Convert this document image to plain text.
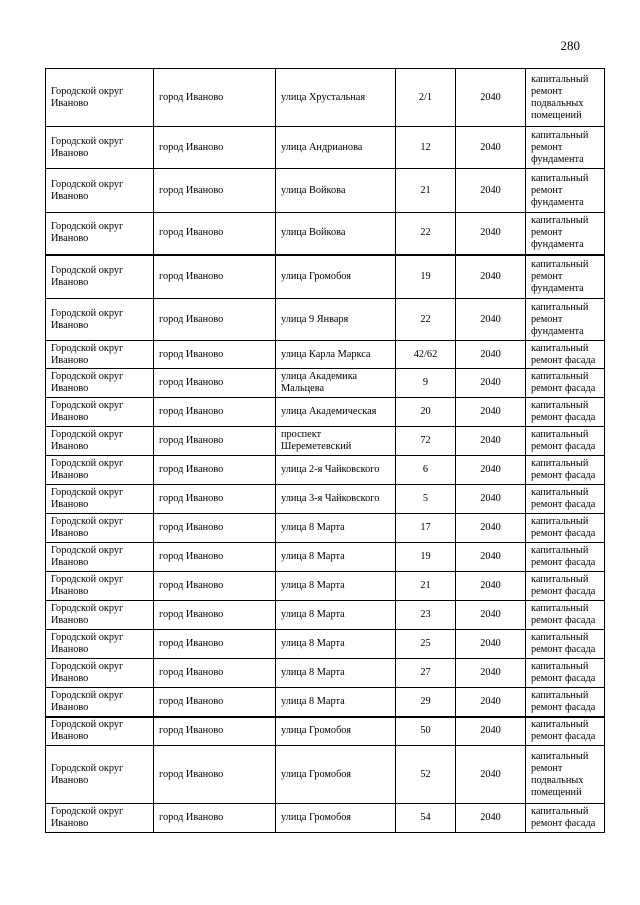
280
Городской округ Иваново	город Иваново	улица Хрустальная	2/1	2040	капитальный ремонт подвальных помещений
Городской округ Иваново	город Иваново	улица Андрианова	12	2040	капитальный ремонт фундамента
Городской округ Иваново	город Иваново	улица Войкова	21	2040	капитальный ремонт фундамента
Городской округ Иваново	город Иваново	улица Войкова	22	2040	капитальный ремонт фундамента
Городской округ Иваново	город Иваново	улица Громобоя	19	2040	капитальный ремонт фундамента
Городской округ Иваново	город Иваново	улица 9 Января	22	2040	капитальный ремонт фундамента
Городской округ Иваново	город Иваново	улица Карла Маркса	42/62	2040	капитальный ремонт фасада
Городской округ Иваново	город Иваново	улица Академика Мальцева	9	2040	капитальный ремонт фасада
Городской округ Иваново	город Иваново	улица Академическая	20	2040	капитальный ремонт фасада
Городской округ Иваново	город Иваново	проспект Шереметевский	72	2040	капитальный ремонт фасада
Городской округ Иваново	город Иваново	улица 2-я Чайковского	6	2040	капитальный ремонт фасада
Городской округ Иваново	город Иваново	улица 3-я Чайковского	5	2040	капитальный ремонт фасада
Городской округ Иваново	город Иваново	улица 8 Марта	17	2040	капитальный ремонт фасада
Городской округ Иваново	город Иваново	улица 8 Марта	19	2040	капитальный ремонт фасада
Городской округ Иваново	город Иваново	улица 8 Марта	21	2040	капитальный ремонт фасада
Городской округ Иваново	город Иваново	улица 8 Марта	23	2040	капитальный ремонт фасада
Городской округ Иваново	город Иваново	улица 8 Марта	25	2040	капитальный ремонт фасада
Городской округ Иваново	город Иваново	улица 8 Марта	27	2040	капитальный ремонт фасада
Городской округ Иваново	город Иваново	улица 8 Марта	29	2040	капитальный ремонт фасада
Городской округ Иваново	город Иваново	улица Громобоя	50	2040	капитальный ремонт фасада
Городской округ Иваново	город Иваново	улица Громобоя	52	2040	капитальный ремонт подвальных помещений
Городской округ Иваново	город Иваново	улица Громобоя	54	2040	капитальный ремонт фасада
